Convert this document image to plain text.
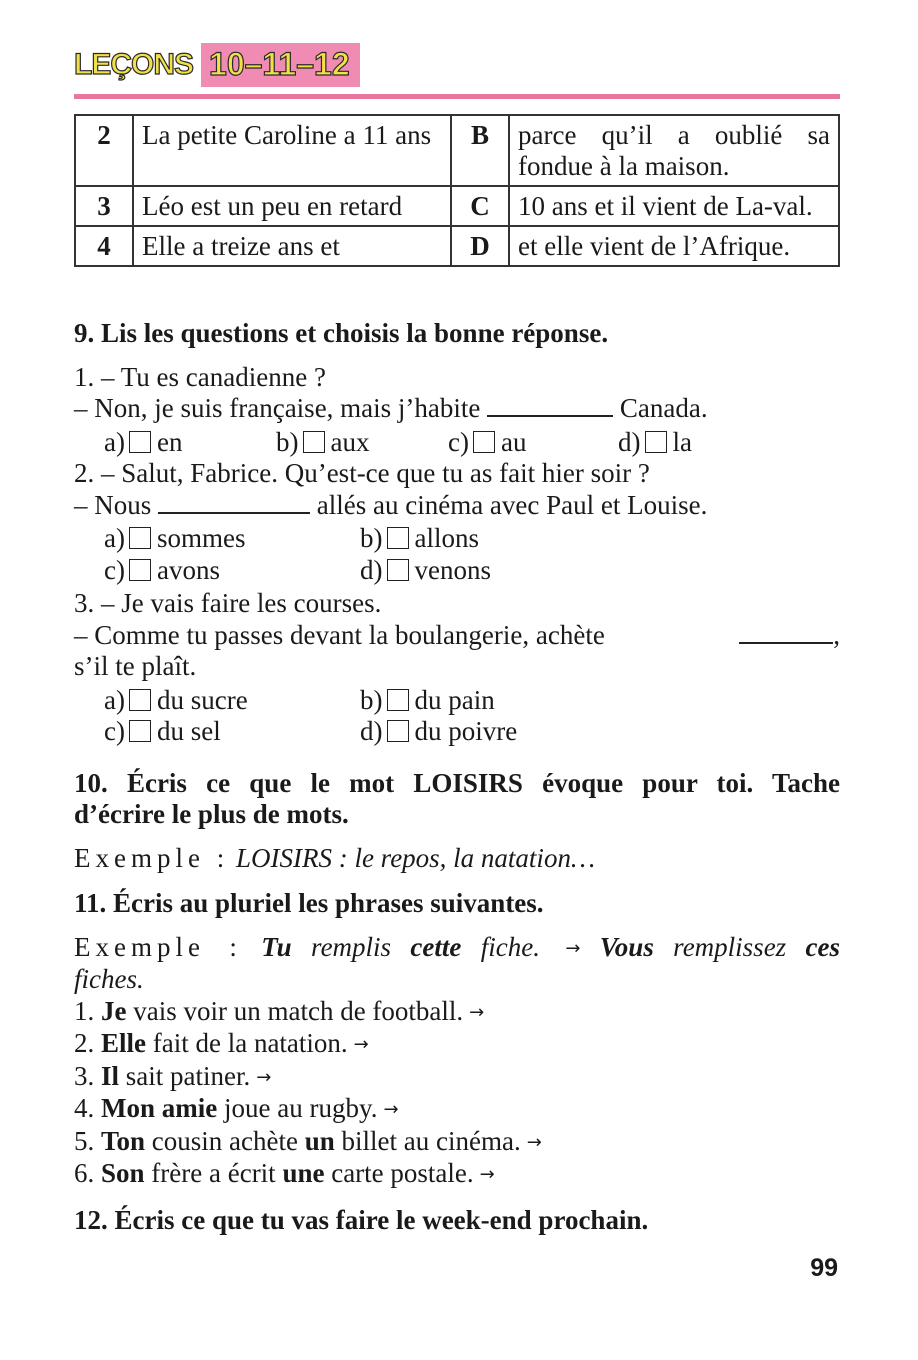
LEÇONS 10–11–12
2	La petite Caroline a 11 ans	B	parce qu’il a oublié sa fondue à la maison.
3	Léo est un peu en retard	C	10 ans et il vient de La-val.
4	Elle a treize ans et	D	et elle vient de l’Afrique.

9. Lis les questions et choisis la bonne réponse.

1. – Tu es canadienne ?

– Non, je suis française, mais j’habite	Canada.

a) en	b) aux	c) au	d) la

2. – Salut, Fabrice. Qu’est-ce que tu as fait hier soir ?

– Nous	allés au cinéma avec Paul et Louise.

a) sommes	b) allons
c) avons	d) venons

3. – Je vais faire les courses.

– Comme tu passes devant la boulangerie, achète	,

s’il te plaît.

a) du sucre	b) du pain
c) du sel	d) du poivre

10. Écris ce que le mot LOISIRS évoque pour toi. Tache

d’écrire le plus de mots.

Exemple : LOISIRS : le repos, la natation…

11. Écris au pluriel les phrases suivantes.

Exemple : Tu remplis cette fiche. → Vous remplissez ces

fiches.

1. Je vais voir un match de football. →

2. Elle fait de la natation. →

3. Il sait patiner. →

4. Mon amie joue au rugby. →

5. Ton cousin achète un billet au cinéma. →

6. Son frère a écrit une carte postale. →

12. Écris ce que tu vas faire le week-end prochain.

99
